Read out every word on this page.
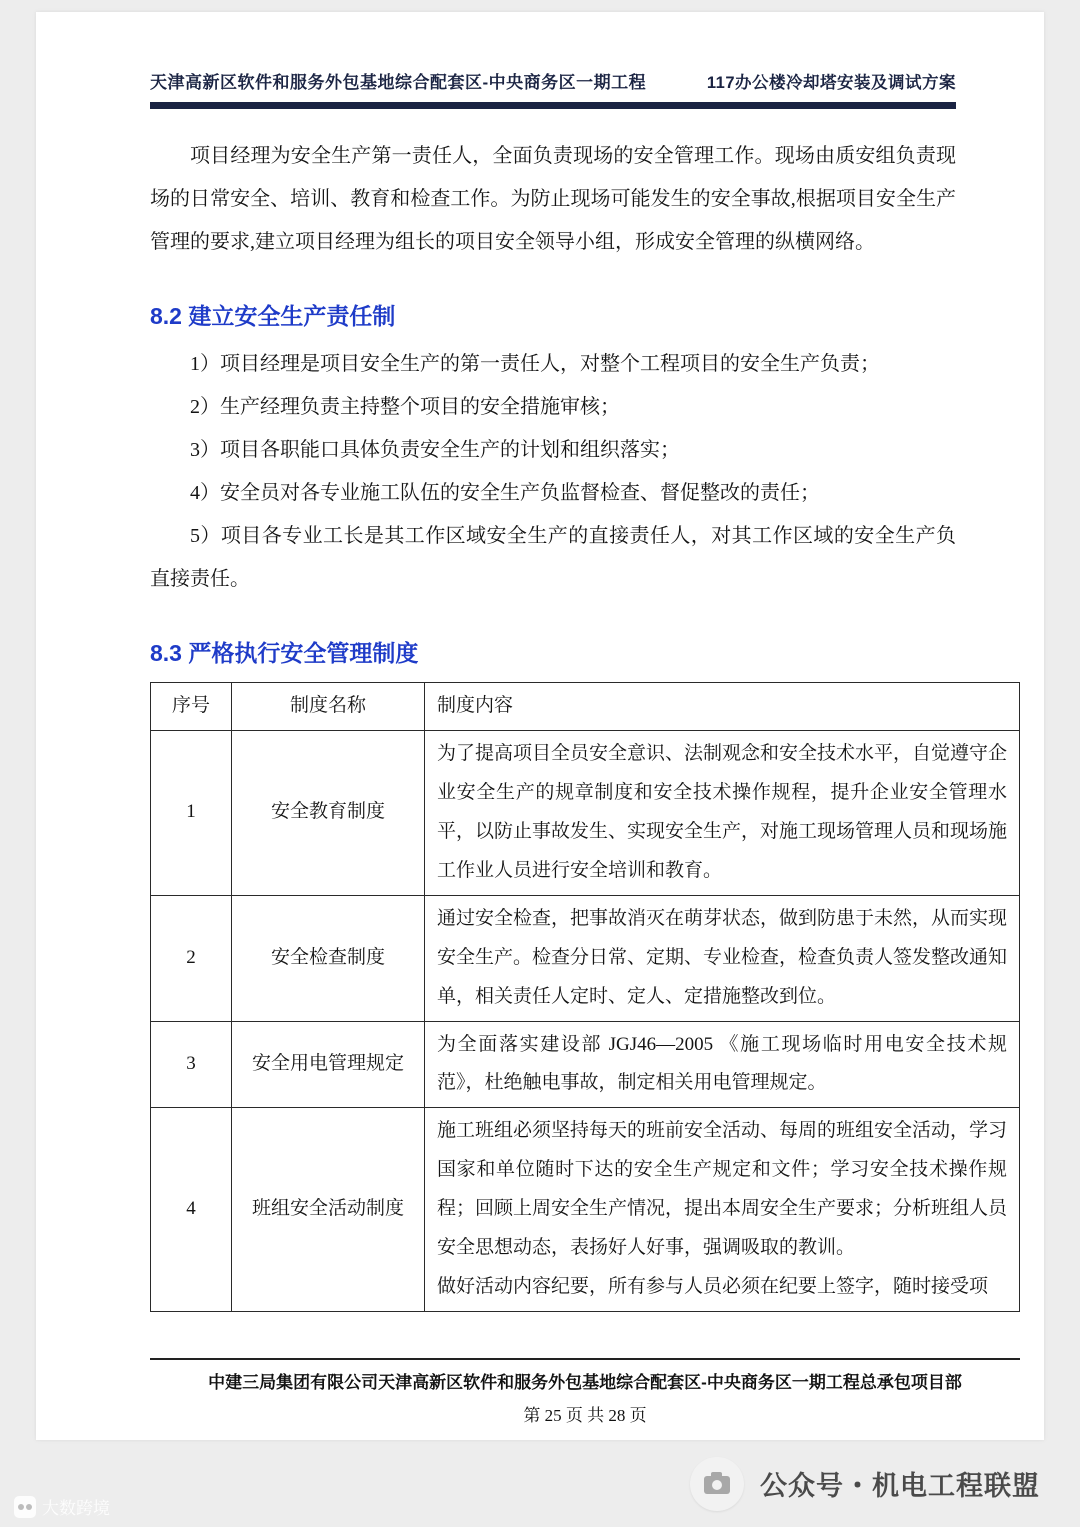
天津高新区软件和服务外包基地综合配套区-中央商务区一期工程	117办公楼冷却塔安装及调试方案

项目经理为安全生产第一责任人，全面负责现场的安全管理工作。现场由质安组负责现场的日常安全、培训、教育和检查工作。为防止现场可能发生的安全事故,根据项目安全生产管理的要求,建立项目经理为组长的项目安全领导小组，形成安全管理的纵横网络。

8.2 建立安全生产责任制

1）项目经理是项目安全生产的第一责任人，对整个工程项目的安全生产负责；

2）生产经理负责主持整个项目的安全措施审核；

3）项目各职能口具体负责安全生产的计划和组织落实；

4）安全员对各专业施工队伍的安全生产负监督检查、督促整改的责任；

5）项目各专业工长是其工作区域安全生产的直接责任人，对其工作区域的安全生产负直接责任。

8.3 严格执行安全管理制度
序号	制度名称	制度内容
1	安全教育制度	为了提高项目全员安全意识、法制观念和安全技术水平，自觉遵守企业安全生产的规章制度和安全技术操作规程，提升企业安全管理水平，以防止事故发生、实现安全生产，对施工现场管理人员和现场施工作业人员进行安全培训和教育。

2	安全检查制度	通过安全检查，把事故消灭在萌芽状态，做到防患于未然，从而实现安全生产。检查分日常、定期、专业检查，检查负责人签发整改通知单，相关责任人定时、定人、定措施整改到位。

3	安全用电管理规定	为全面落实建设部 JGJ46—2005 《施工现场临时用电安全技术规范》，杜绝触电事故，制定相关用电管理规定。

4	班组安全活动制度	施工班组必须坚持每天的班前安全活动、每周的班组安全活动，学习国家和单位随时下达的安全生产规定和文件；学习安全技术操作规程；回顾上周安全生产情况，提出本周安全生产要求；分析班组人员安全思想动态，表扬好人好事，强调吸取的教训。
做好活动内容纪要，所有参与人员必须在纪要上签字，随时接受项

中建三局集团有限公司天津高新区软件和服务外包基地综合配套区-中央商务区一期工程总承包项目部

第 25 页 共 28 页

公众号・机电工程联盟
大数跨境
